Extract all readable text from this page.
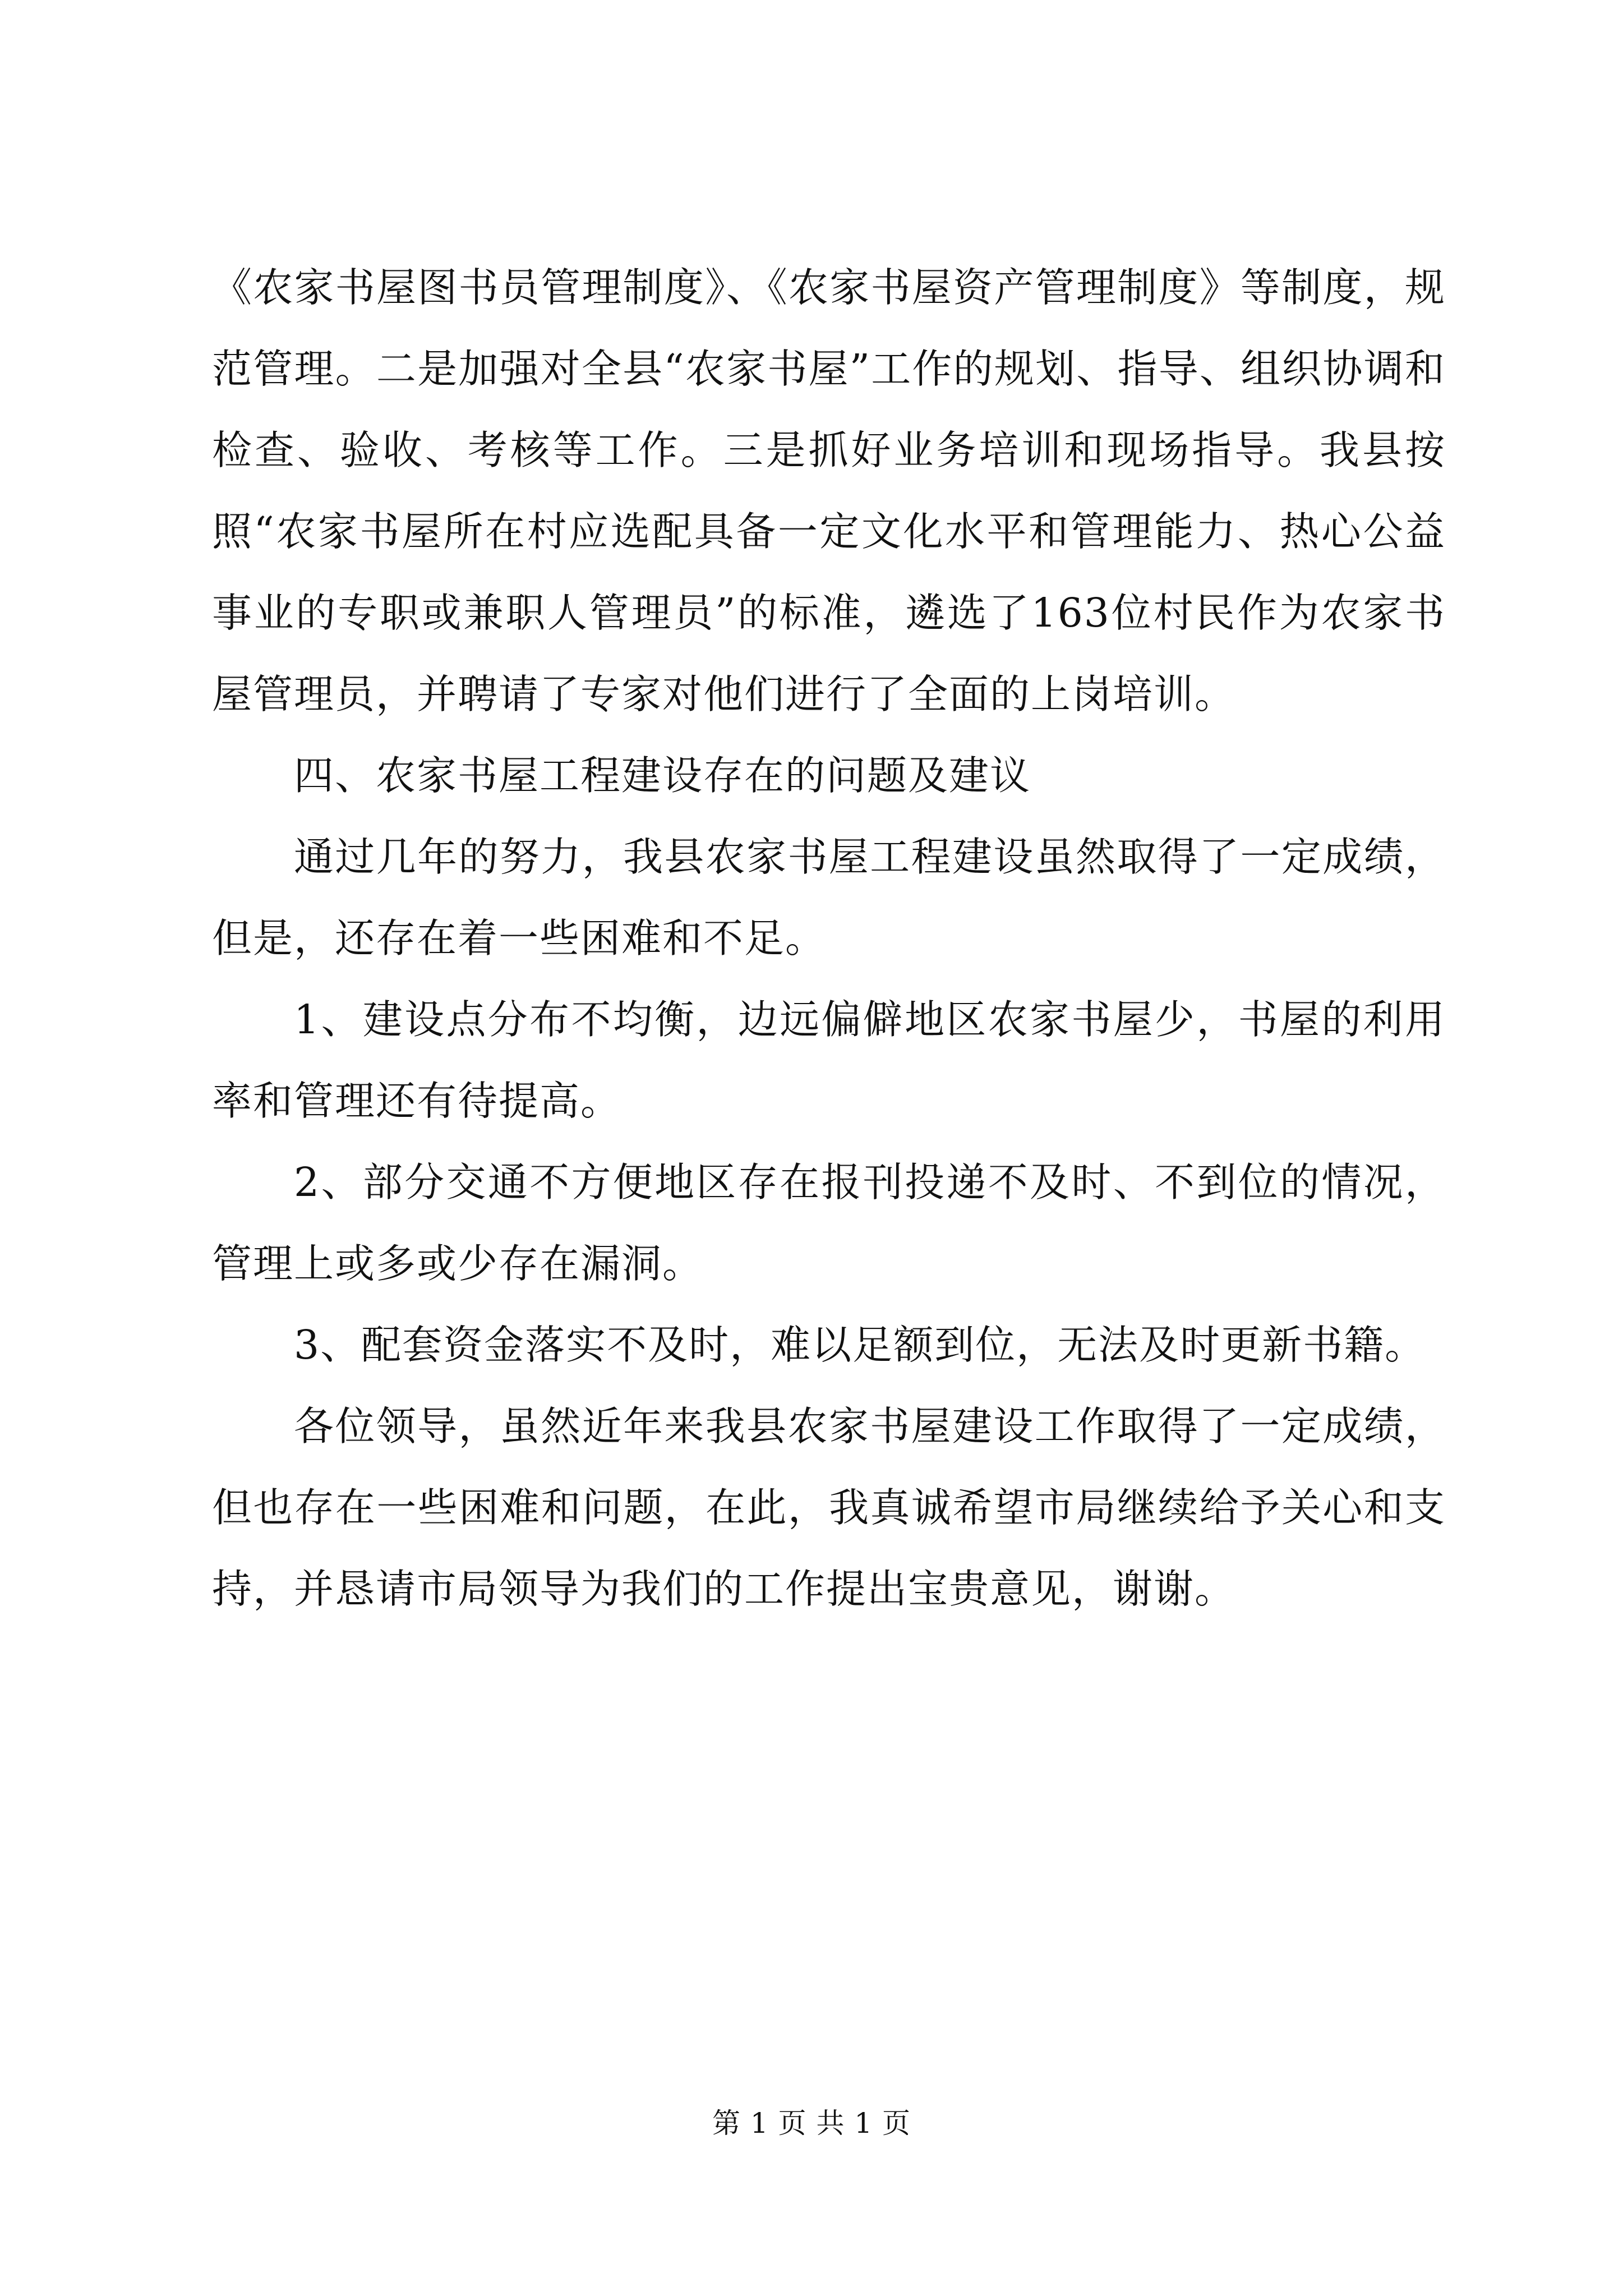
《农家书屋图书员管理制度》、《农家书屋资产管理制度》等制度，规范管理。二是加强对全县“农家书屋”工作的规划、指导、组织协调和检查、验收、考核等工作。三是抓好业务培训和现场指导。我县按照“农家书屋所在村应选配具备一定文化水平和管理能力、热心公益事业的专职或兼职人管理员”的标准，遴选了163位村民作为农家书屋管理员，并聘请了专家对他们进行了全面的上岗培训。

四、农家书屋工程建设存在的问题及建议

通过几年的努力，我县农家书屋工程建设虽然取得了一定成绩，但是，还存在着一些困难和不足。

1、建设点分布不均衡，边远偏僻地区农家书屋少，书屋的利用率和管理还有待提高。

2、部分交通不方便地区存在报刊投递不及时、不到位的情况，管理上或多或少存在漏洞。

3、配套资金落实不及时，难以足额到位，无法及时更新书籍。

各位领导，虽然近年来我县农家书屋建设工作取得了一定成绩，但也存在一些困难和问题，在此，我真诚希望市局继续给予关心和支持，并恳请市局领导为我们的工作提出宝贵意见，谢谢。

第 1 页 共 1 页
